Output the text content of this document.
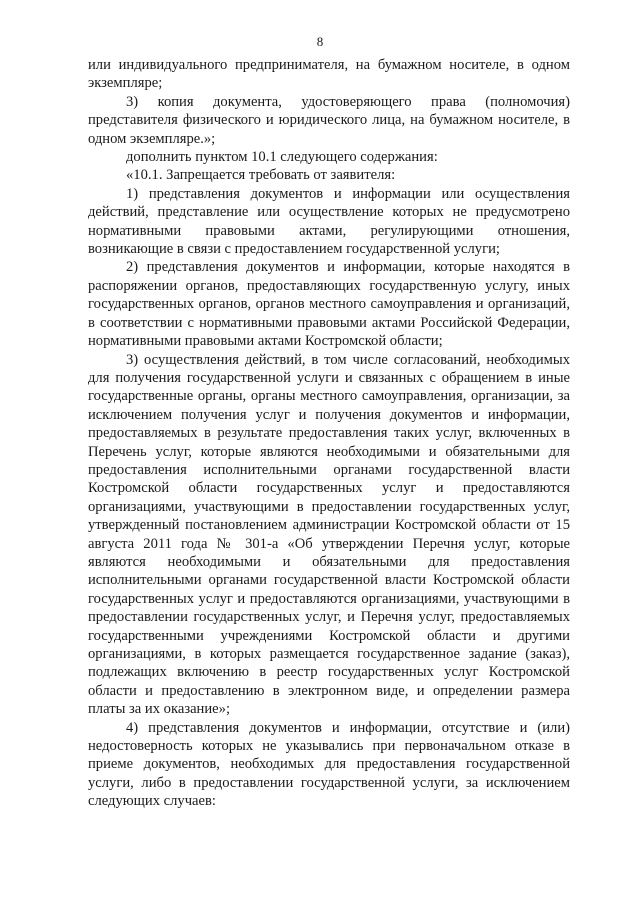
8

или индивидуального предпринимателя, на бумажном носителе, в одном экземпляре;

3) копия документа, удостоверяющего права (полномочия) представителя физического и юридического лица, на бумажном носителе, в одном экземпляре.»;

дополнить пунктом 10.1 следующего содержания:

«10.1. Запрещается требовать от заявителя:

1) представления документов и информации или осуществления действий, представление или осуществление которых не предусмотрено нормативными правовыми актами, регулирующими отношения, возникающие в связи с предоставлением государственной услуги;

2) представления документов и информации, которые находятся в распоряжении органов, предоставляющих государственную услугу, иных государственных органов, органов местного самоуправления и организаций, в соответствии с нормативными правовыми актами Российской Федерации, нормативными правовыми актами Костромской области;

3) осуществления действий, в том числе согласований, необходимых для получения государственной услуги и связанных с обращением в иные государственные органы, органы местного самоуправления, организации, за исключением получения услуг и получения документов и информации, предоставляемых в результате предоставления таких услуг, включенных в Перечень услуг, которые являются необходимыми и обязательными для предоставления исполнительными органами государственной власти Костромской области государственных услуг и предоставляются организациями, участвующими в предоставлении государственных услуг, утвержденный постановлением администрации Костромской области от 15 августа 2011 года № 301-а «Об утверждении Перечня услуг, которые являются необходимыми и обязательными для предоставления исполнительными органами государственной власти Костромской области государственных услуг и предоставляются организациями, участвующими в предоставлении государственных услуг, и Перечня услуг, предоставляемых государственными учреждениями Костромской области и другими организациями, в которых размещается государственное задание (заказ), подлежащих включению в реестр государственных услуг Костромской области и предоставлению в электронном виде, и определении размера платы за их оказание»;

4) представления документов и информации, отсутствие и (или) недостоверность которых не указывались при первоначальном отказе в приеме документов, необходимых для предоставления государственной услуги, либо в предоставлении государственной услуги, за исключением следующих случаев:
